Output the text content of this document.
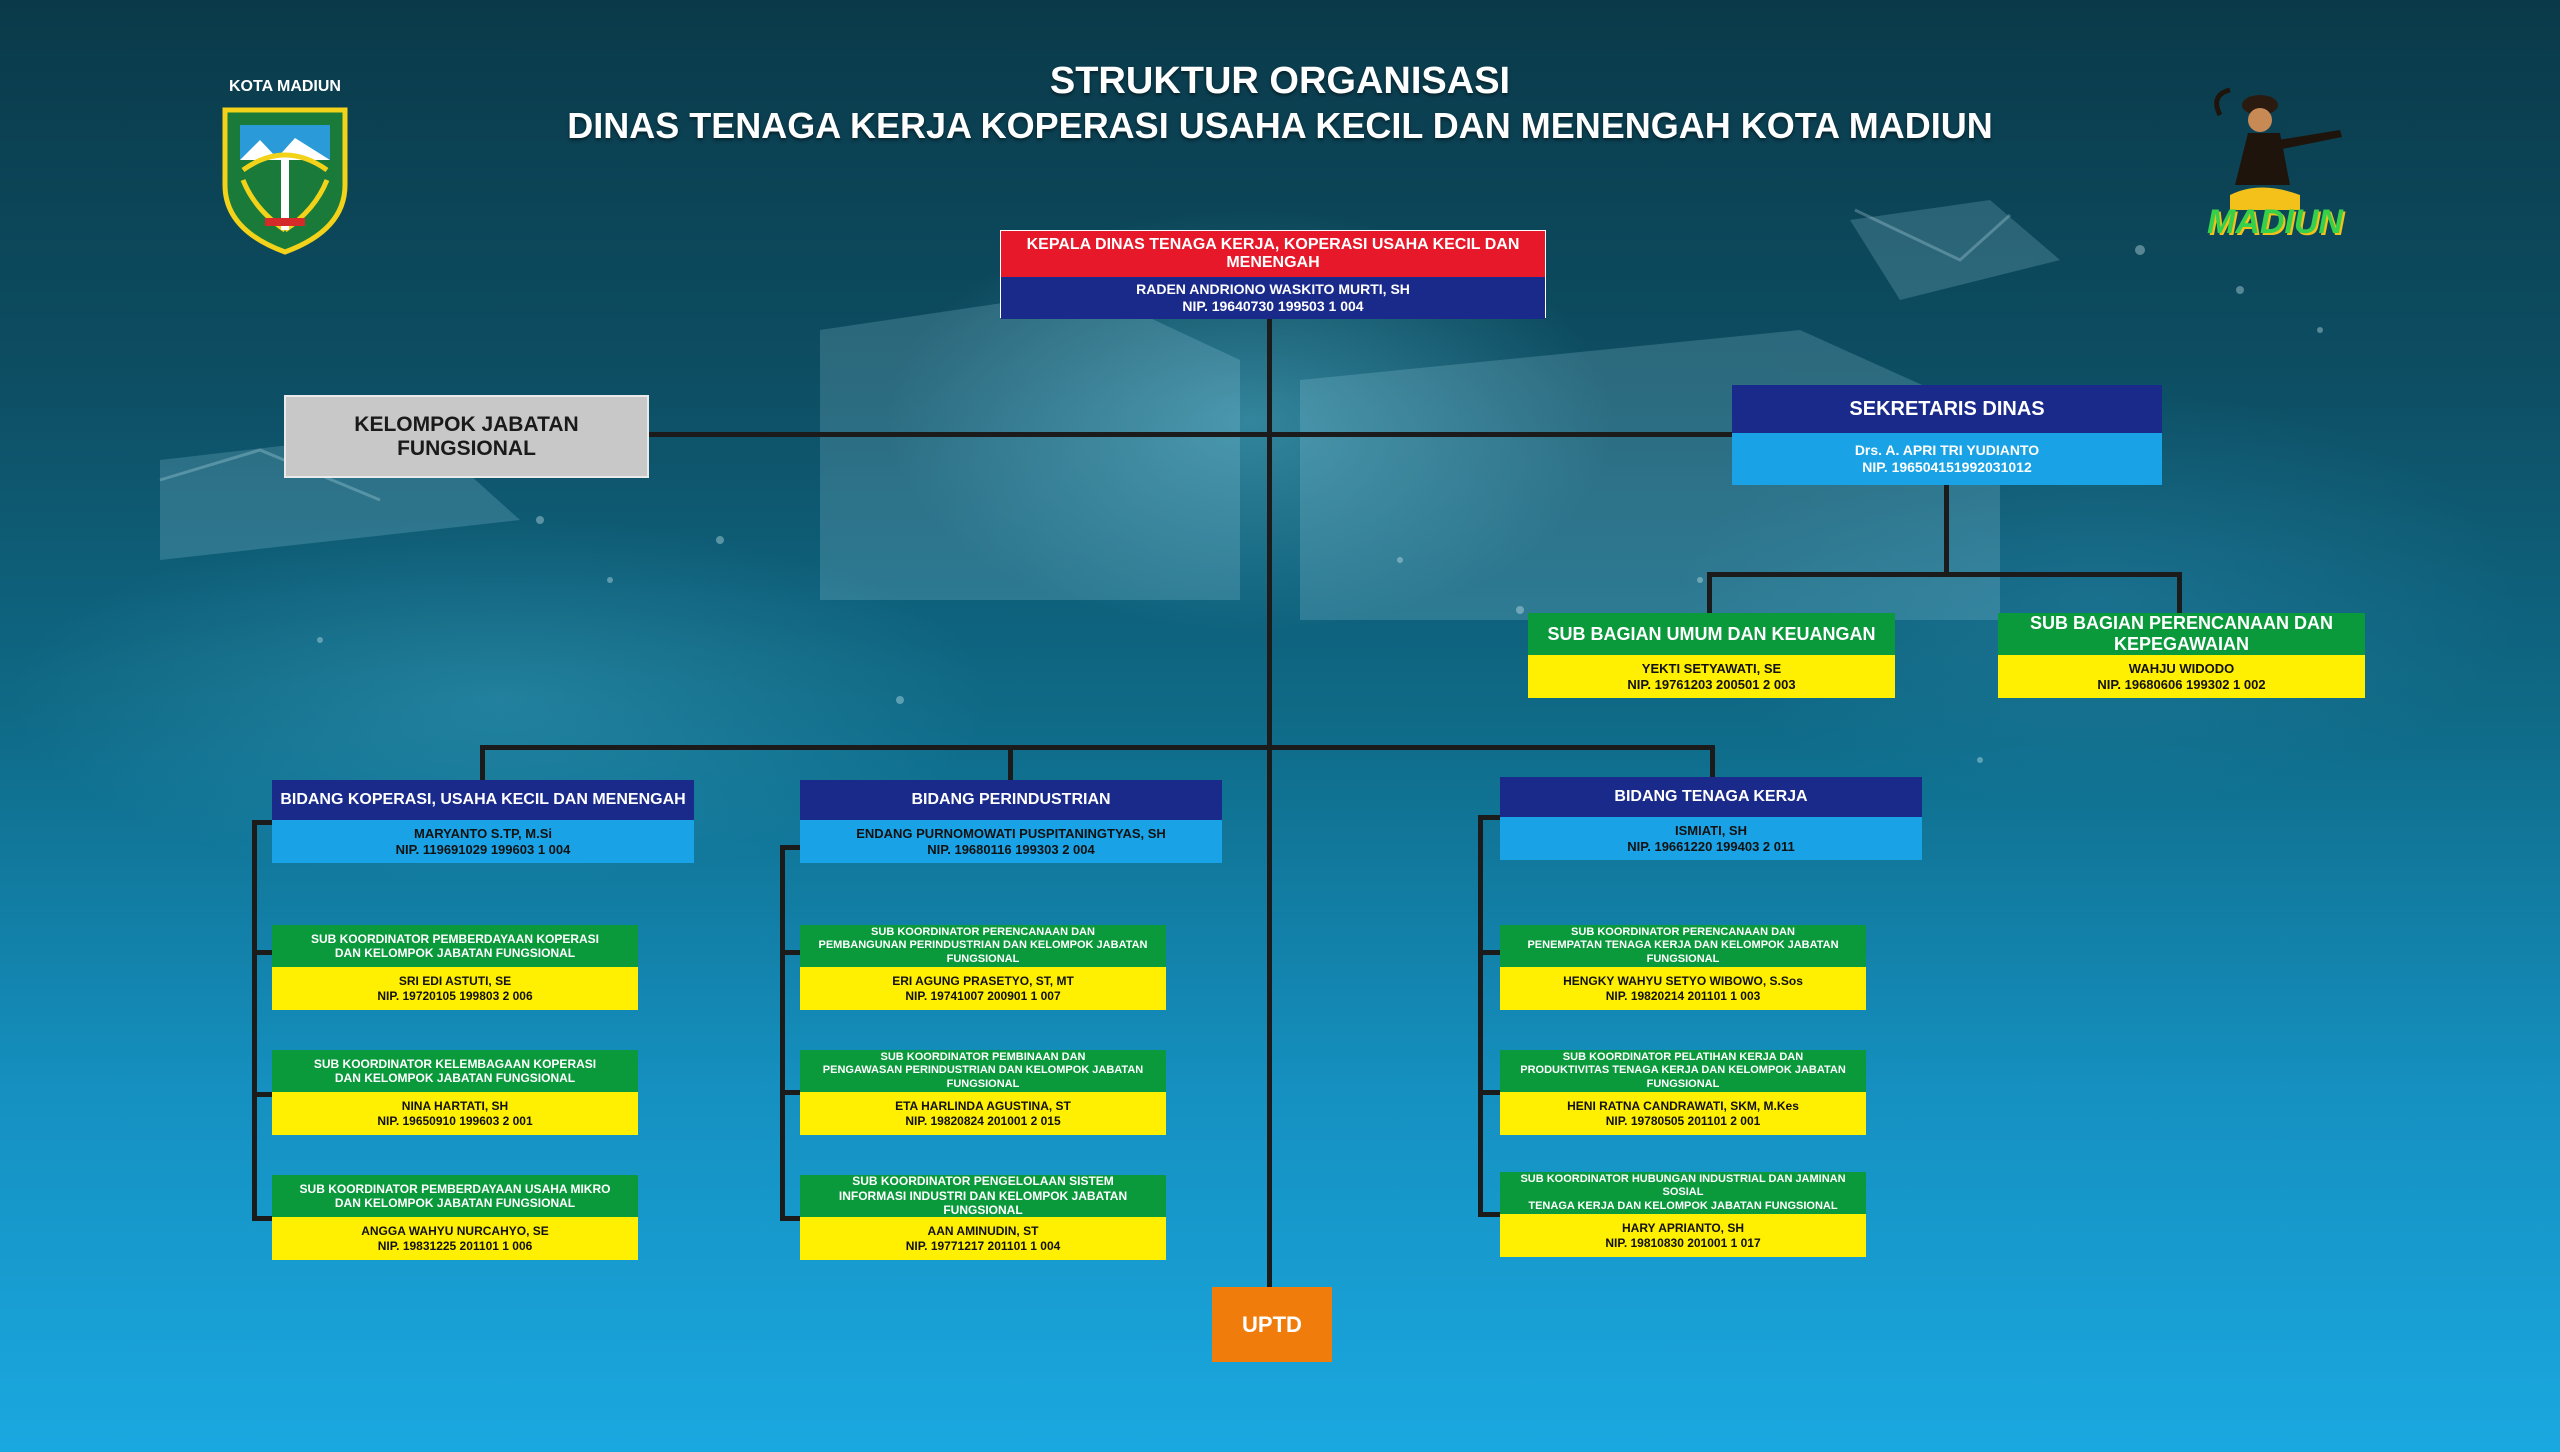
KOTA MADIUN
MADIUN
STRUKTUR ORGANISASI
DINAS TENAGA KERJA KOPERASI USAHA KECIL DAN MENENGAH KOTA MADIUN
KEPALA DINAS TENAGA KERJA, KOPERASI USAHA KECIL DAN MENENGAH
RADEN ANDRIONO WASKITO MURTI, SH
NIP. 19640730 199503 1 004
KELOMPOK JABATAN FUNGSIONAL
SEKRETARIS DINAS
Drs. A. APRI TRI YUDIANTO
NIP. 196504151992031012
SUB BAGIAN UMUM DAN KEUANGAN
YEKTI SETYAWATI, SE
NIP. 19761203 200501 2 003
SUB BAGIAN PERENCANAAN DAN KEPEGAWAIAN
WAHJU WIDODO
NIP. 19680606 199302 1 002
BIDANG KOPERASI, USAHA KECIL DAN MENENGAH
MARYANTO S.TP, M.Si
NIP. 119691029 199603 1 004
SUB KOORDINATOR PEMBERDAYAAN KOPERASI
DAN KELOMPOK JABATAN FUNGSIONAL
SRI EDI ASTUTI, SE
NIP. 19720105 199803 2 006
SUB KOORDINATOR KELEMBAGAAN KOPERASI
DAN KELOMPOK JABATAN FUNGSIONAL
NINA HARTATI, SH
NIP. 19650910 199603 2 001
SUB KOORDINATOR PEMBERDAYAAN USAHA MIKRO
DAN KELOMPOK JABATAN FUNGSIONAL
ANGGA WAHYU NURCAHYO, SE
NIP. 19831225 201101 1 006
BIDANG PERINDUSTRIAN
ENDANG PURNOMOWATI PUSPITANINGTYAS, SH
NIP. 19680116 199303 2 004
SUB KOORDINATOR PERENCANAAN DAN
PEMBANGUNAN PERINDUSTRIAN DAN KELOMPOK JABATAN FUNGSIONAL
ERI AGUNG PRASETYO, ST, MT
NIP. 19741007 200901 1 007
SUB KOORDINATOR PEMBINAAN DAN
PENGAWASAN PERINDUSTRIAN DAN KELOMPOK JABATAN FUNGSIONAL
ETA HARLINDA AGUSTINA, ST
NIP. 19820824 201001 2 015
SUB KOORDINATOR PENGELOLAAN SISTEM
INFORMASI INDUSTRI DAN KELOMPOK JABATAN FUNGSIONAL
AAN AMINUDIN, ST
NIP. 19771217 201101 1 004
BIDANG TENAGA KERJA
ISMIATI, SH
NIP. 19661220 199403 2 011
SUB KOORDINATOR PERENCANAAN DAN
PENEMPATAN TENAGA KERJA DAN KELOMPOK JABATAN FUNGSIONAL
HENGKY WAHYU SETYO WIBOWO, S.Sos
NIP. 19820214 201101 1 003
SUB KOORDINATOR PELATIHAN KERJA DAN
PRODUKTIVITAS TENAGA KERJA DAN KELOMPOK JABATAN FUNGSIONAL
HENI RATNA CANDRAWATI, SKM, M.Kes
NIP. 19780505 201101 2 001
SUB KOORDINATOR HUBUNGAN INDUSTRIAL DAN JAMINAN SOSIAL
TENAGA KERJA DAN KELOMPOK JABATAN FUNGSIONAL
HARY APRIANTO, SH
NIP. 19810830 201001 1 017
UPTD
